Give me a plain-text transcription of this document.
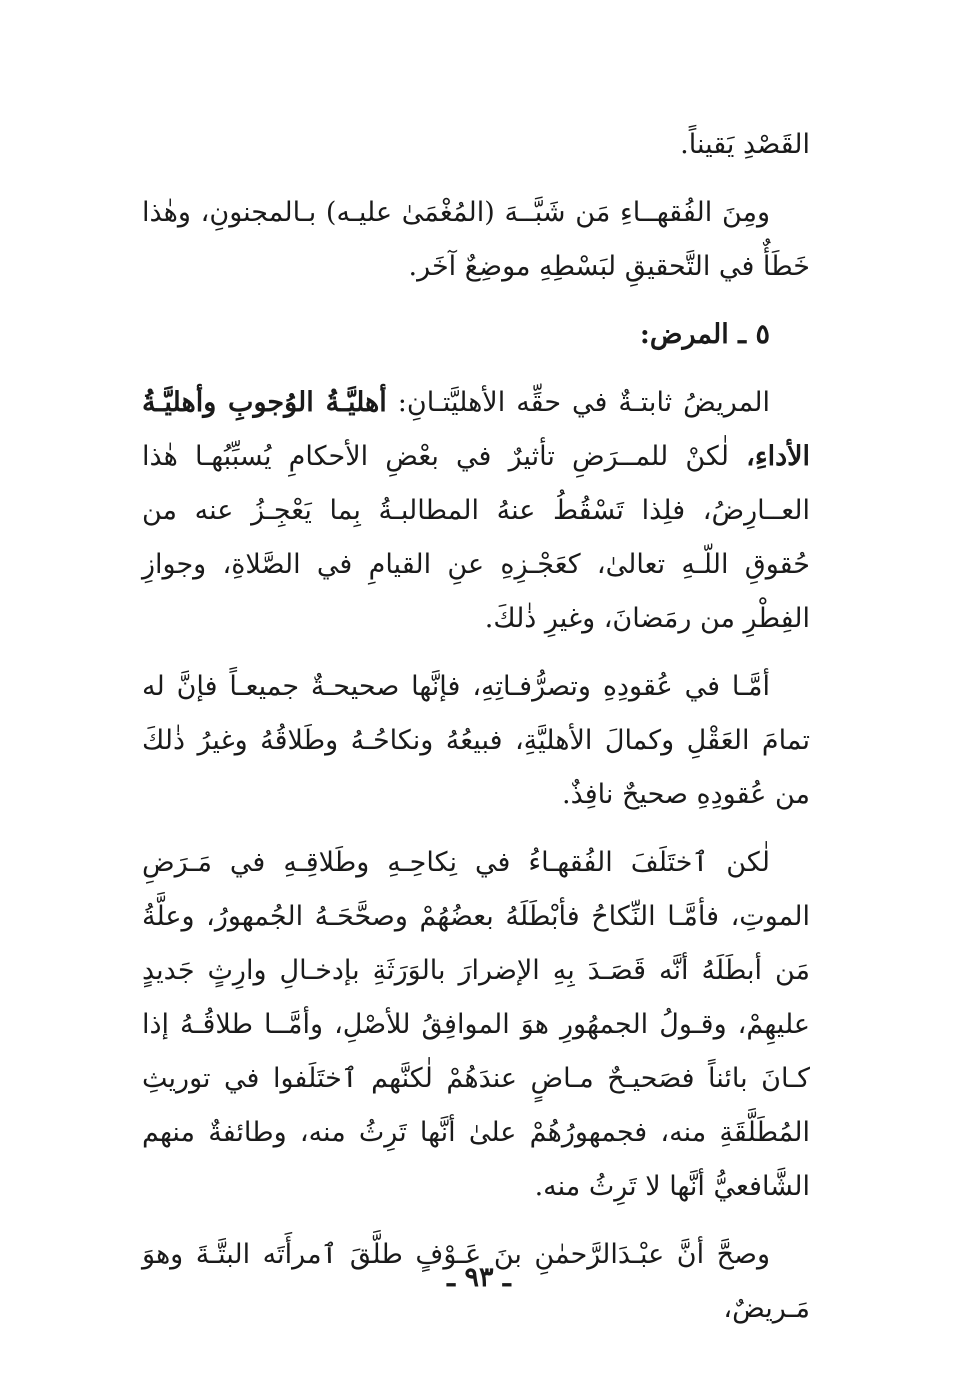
القَصْدِ يَقيناً.

ومِنَ الفُقهــاءِ مَن شَبَّــهَ (المُغْمَىٰ عليـه) بـالمجنونِ، وهٰذا خَطَأٌ في التَّحقيقِ لبَسْطِهِ موضِعٌ آخَر.

٥ ـ المرض:

المريضُ ثابتـةٌ في حقِّه الأهليَّتـانِ: أهليَّـةُ الوُجوبِ وأهليَّـةُ الأداءِ، لٰكنْ للمــرَضِ تأثيرٌ في بعْضِ الأحكامِ يُسبِّبُهـا هٰذا العــارِضُ، فلِذا تَسْقُطُ عنهُ المطالبـةُ بِما يَعْجِـزُ عنه من حُقوقِ اللّـهِ تعالىٰ، كعَجْـزِهِ عنِ القيامِ في الصَّلاةِ، وجوازِ الفِطْرِ من رمَضانَ، وغيرِ ذٰلكَ.

أمَّـا في عُقودِهِ وتصرُّفـاتِهِ، فإنَّها صحيحـةٌ جميعـاً فإنَّ له تمامَ العَقْلِ وكمالَ الأهليَّةِ، فبيعُهُ ونكاحُـهُ وطَلاقُهُ وغيرُ ذٰلكَ من عُقودِهِ صحيحٌ نافِذٌ.

لٰكن ٱختَلَفَ الفُقهـاءُ في نِكاحِـهِ وطَلاقِـهِ في مَـرَضِ الموتِ، فأمَّـا النِّكاحُ فأبْطَلَهُ بعضُهُمْ وصحَّحَـهُ الجُمهورُ، وعلَّةُ مَن أبطَلَهُ أنَّه قَصَـدَ بِهِ الإضرارَ بالوَرَثَةِ بإدخـالِ وارِثٍ جَديدٍ عليهِمْ، وقـولُ الجمهُورِ هوَ الموافِقُ للأصْلِ، وأمَّــا طلاقُـهُ إذا كـانَ بائناً فصَحيـحٌ مـاضٍ عندَهُمْ لٰكنَّهم ٱختَلَفوا في توريثِ المُطَلَّقَةِ منه، فجمهورُهُمْ علىٰ أنَّها تَرِثُ منه، وطائفةٌ منهم الشَّافعيُّ أنَّها لا تَرِثُ منه.

وصحَّ أنَّ عبْـدَالرَّحمٰنِ بنَ عَـوْفٍ طلَّقَ ٱمرأَتَه البتَّـةَ وهوَ مَـريضٌ،

ـ ٩٣ ـ
